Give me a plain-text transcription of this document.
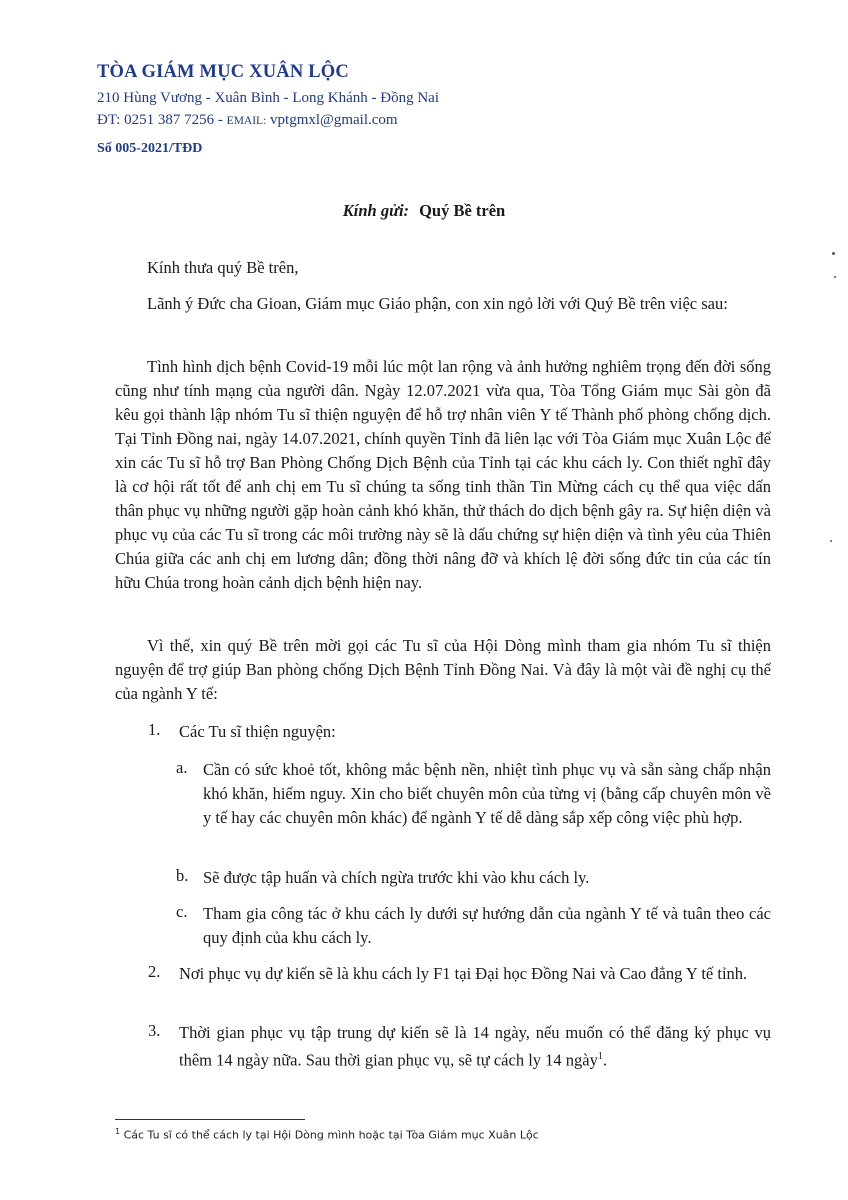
TÒA GIÁM MỤC XUÂN LỘC
210 Hùng Vương - Xuân Bình - Long Khánh - Đồng Nai
ĐT: 0251 387 7256 - EMAIL: vptgmxl@gmail.com
Số 005-2021/TĐD
Kính gửi: Quý Bề trên
Kính thưa quý Bề trên,
Lãnh ý Đức cha Gioan, Giám mục Giáo phận, con xin ngỏ lời với Quý Bề trên việc sau:
Tình hình dịch bệnh Covid-19 mỗi lúc một lan rộng và ảnh hưởng nghiêm trọng đến đời sống cũng như tính mạng của người dân. Ngày 12.07.2021 vừa qua, Tòa Tổng Giám mục Sài gòn đã kêu gọi thành lập nhóm Tu sĩ thiện nguyện để hỗ trợ nhân viên Y tế Thành phố phòng chống dịch. Tại Tỉnh Đồng nai, ngày 14.07.2021, chính quyền Tỉnh đã liên lạc với Tòa Giám mục Xuân Lộc để xin các Tu sĩ hỗ trợ Ban Phòng Chống Dịch Bệnh của Tỉnh tại các khu cách ly. Con thiết nghĩ đây là cơ hội rất tốt để anh chị em Tu sĩ chúng ta sống tinh thần Tin Mừng cách cụ thể qua việc dấn thân phục vụ những người gặp hoàn cảnh khó khăn, thử thách do dịch bệnh gây ra. Sự hiện diện và phục vụ của các Tu sĩ trong các môi trường này sẽ là dấu chứng sự hiện diện và tình yêu của Thiên Chúa giữa các anh chị em lương dân; đồng thời nâng đỡ và khích lệ đời sống đức tin của các tín hữu Chúa trong hoàn cảnh dịch bệnh hiện nay.
Vì thế, xin quý Bề trên mời gọi các Tu sĩ của Hội Dòng mình tham gia nhóm Tu sĩ thiện nguyện để trợ giúp Ban phòng chống Dịch Bệnh Tỉnh Đồng Nai. Và đây là một vài đề nghị cụ thể của ngành Y tế:
1. Các Tu sĩ thiện nguyện:
a. Cần có sức khoẻ tốt, không mắc bệnh nền, nhiệt tình phục vụ và sẵn sàng chấp nhận khó khăn, hiểm nguy. Xin cho biết chuyên môn của từng vị (bằng cấp chuyên môn về y tế hay các chuyên môn khác) để ngành Y tế dễ dàng sắp xếp công việc phù hợp.
b. Sẽ được tập huấn và chích ngừa trước khi vào khu cách ly.
c. Tham gia công tác ở khu cách ly dưới sự hướng dẫn của ngành Y tế và tuân theo các quy định của khu cách ly.
2. Nơi phục vụ dự kiến sẽ là khu cách ly F1 tại Đại học Đồng Nai và Cao đẳng Y tế tỉnh.
3. Thời gian phục vụ tập trung dự kiến sẽ là 14 ngày, nếu muốn có thể đăng ký phục vụ thêm 14 ngày nữa. Sau thời gian phục vụ, sẽ tự cách ly 14 ngày$^1$.
$^1$ Các Tu sĩ có thể cách ly tại Hội Dòng mình hoặc tại Tòa Giám mục Xuân Lộc
